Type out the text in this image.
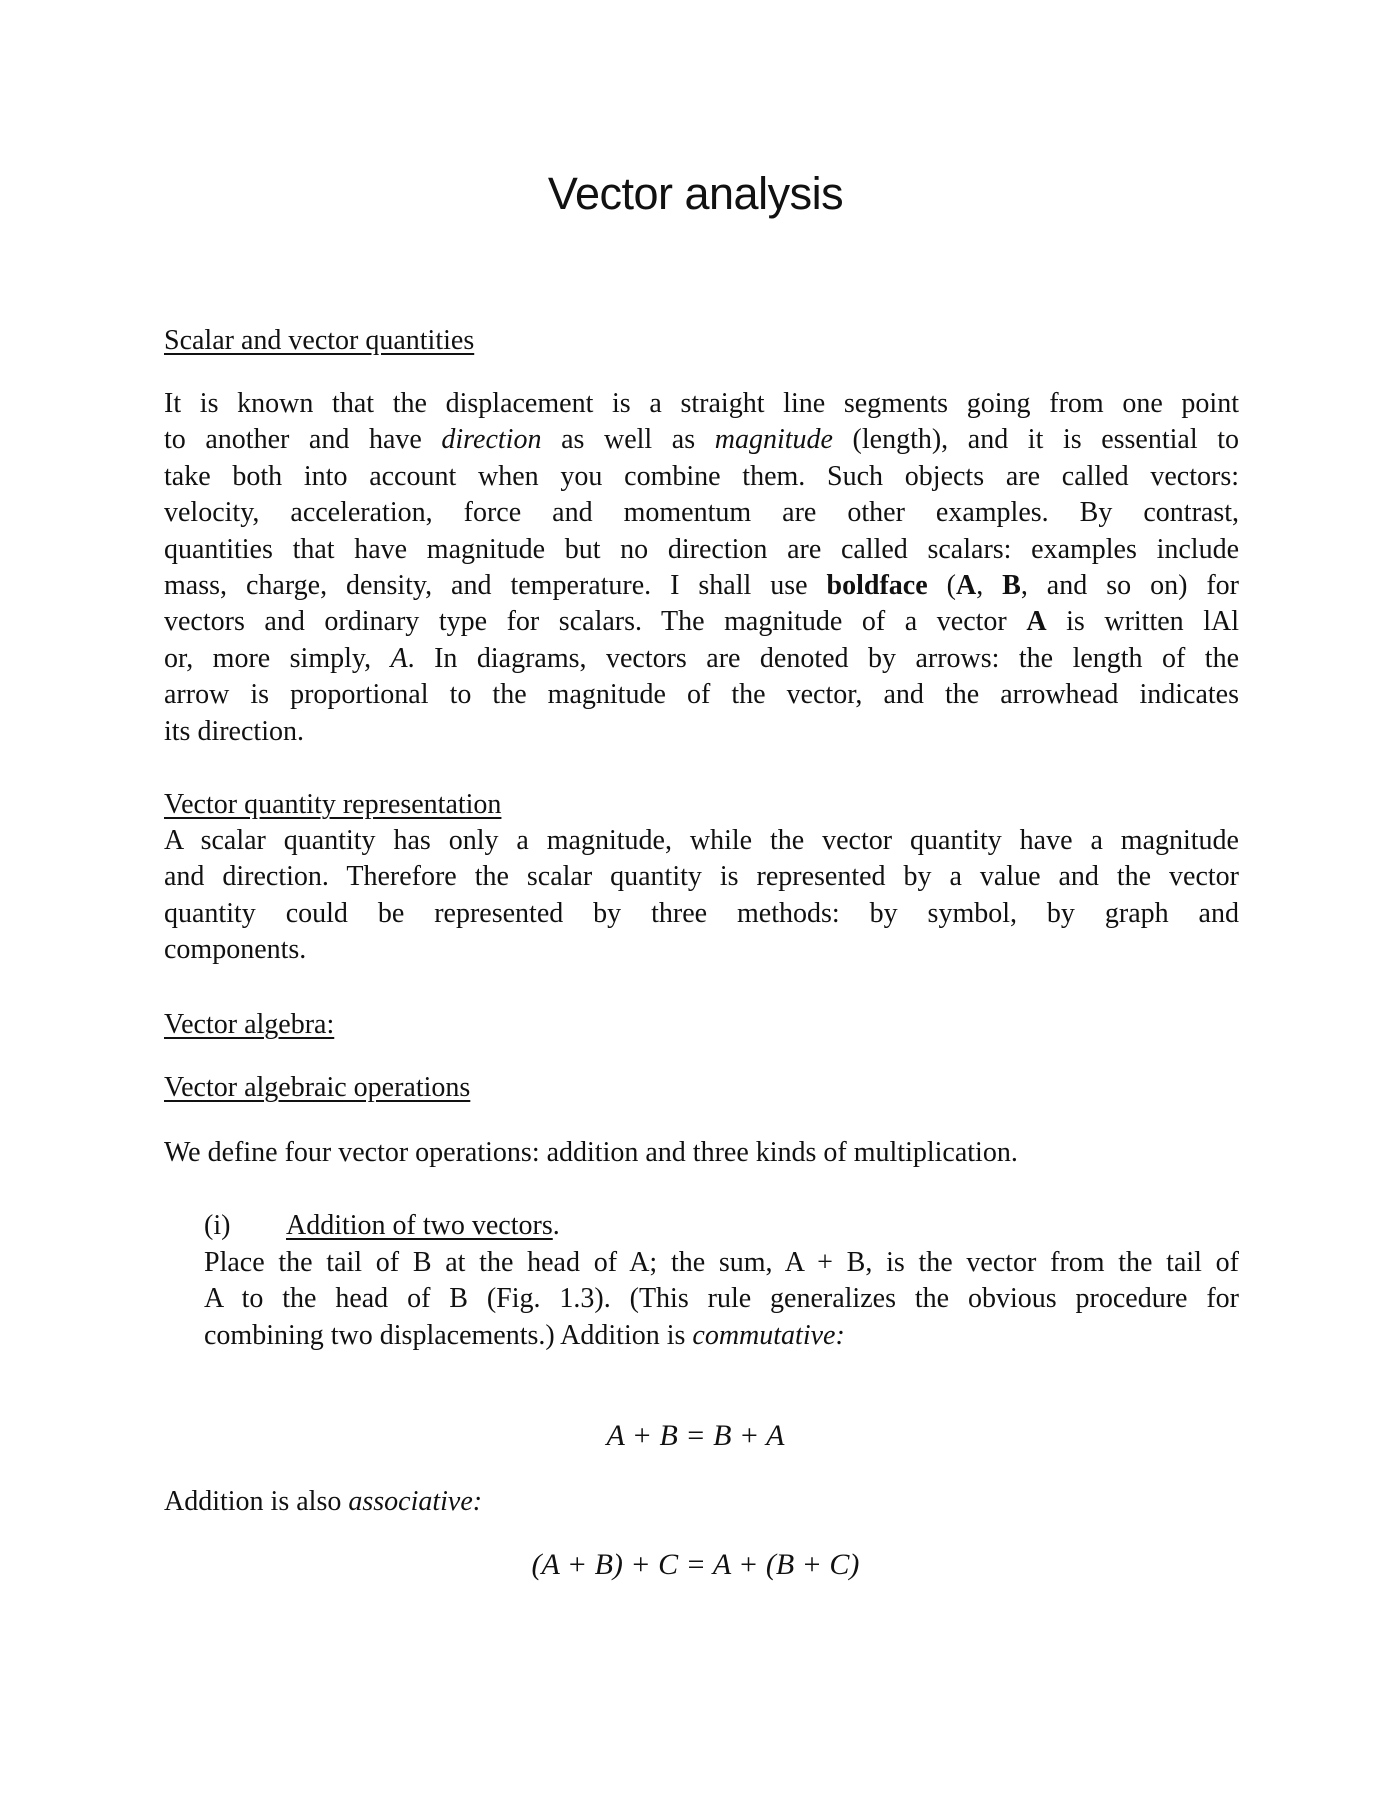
Vector analysis
Scalar and vector quantities
It is known that the displacement is a straight line segments going from one point
to another and have direction as well as magnitude (length), and it is essential to
take both into account when you combine them. Such objects are called vectors:
velocity, acceleration, force and momentum are other examples. By contrast,
quantities that have magnitude but no direction are called scalars: examples include
mass, charge, density, and temperature. I shall use boldface (A, B, and so on) for
vectors and ordinary type for scalars. The magnitude of a vector A is written lAl
or, more simply, A. In diagrams, vectors are denoted by arrows: the length of the
arrow is proportional to the magnitude of the vector, and the arrowhead indicates
its direction.
Vector quantity representation
A scalar quantity has only a magnitude, while the vector quantity have a magnitude
and direction. Therefore the scalar quantity is represented by a value and the vector
quantity could be represented by three methods: by symbol, by graph and
components.
Vector algebra:
Vector algebraic operations
We define four vector operations: addition and three kinds of multiplication.
(i) Addition of two vectors.
Place the tail of B at the head of A; the sum, A + B, is the vector from the tail of
A to the head of B (Fig. 1.3). (This rule generalizes the obvious procedure for
combining two displacements.) Addition is commutative:
A + B = B + A
Addition is also associative:
(A + B) + C = A + (B + C)
